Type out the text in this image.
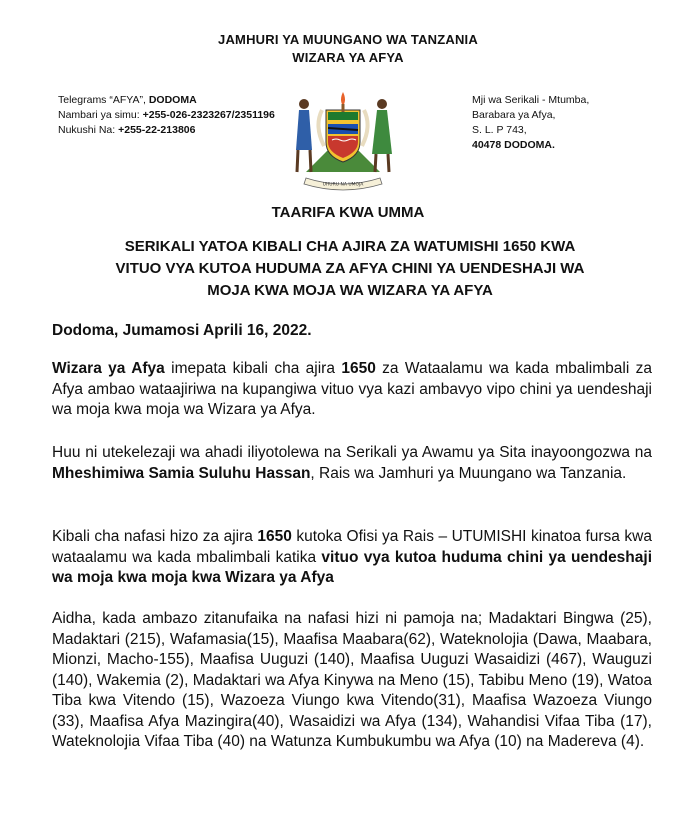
JAMHURI YA MUUNGANO WA TANZANIA
WIZARA YA AFYA
Telegrams “AFYA”, DODOMA
Nambari ya simu: +255-026-2323267/2351196
Nukushi Na: +255-22-213806
UHURU NA UMOJA
Mji wa Serikali - Mtumba,
Barabara ya Afya,
S. L. P 743,
40478 DODOMA.
TAARIFA KWA UMMA
SERIKALI YATOA KIBALI CHA AJIRA ZA WATUMISHI 1650 KWA
VITUO VYA KUTOA HUDUMA ZA AFYA CHINI YA UENDESHAJI WA
MOJA KWA MOJA WA WIZARA YA AFYA
Dodoma, Jumamosi Aprili 16, 2022.
Wizara ya Afya imepata kibali cha ajira 1650 za Wataalamu wa kada mbalimbali za Afya ambao wataajiriwa na kupangiwa vituo vya kazi ambavyo vipo chini ya uendeshaji wa moja kwa moja wa Wizara ya Afya.
Huu ni utekelezaji wa ahadi iliyotolewa na Serikali ya Awamu ya Sita inayoongozwa na Mheshimiwa Samia Suluhu Hassan, Rais wa Jamhuri ya Muungano wa Tanzania.
Kibali cha nafasi hizo za ajira 1650 kutoka Ofisi ya Rais – UTUMISHI kinatoa fursa kwa wataalamu wa kada mbalimbali katika vituo vya kutoa huduma chini ya uendeshaji wa moja kwa moja kwa Wizara ya Afya
Aidha, kada ambazo zitanufaika na nafasi hizi ni pamoja na; Madaktari Bingwa (25), Madaktari (215), Wafamasia(15), Maafisa Maabara(62), Wateknolojia (Dawa, Maabara, Mionzi, Macho-155), Maafisa Uuguzi (140), Maafisa Uuguzi Wasaidizi (467), Wauguzi (140), Wakemia (2), Madaktari wa Afya Kinywa na Meno (15), Tabibu Meno (19), Watoa Tiba kwa Vitendo (15), Wazoeza Viungo kwa Vitendo(31), Maafisa Wazoeza Viungo (33), Maafisa Afya Mazingira(40), Wasaidizi wa Afya (134), Wahandisi Vifaa Tiba (17), Wateknolojia Vifaa Tiba (40) na Watunza Kumbukumbu wa Afya (10) na Madereva (4).
